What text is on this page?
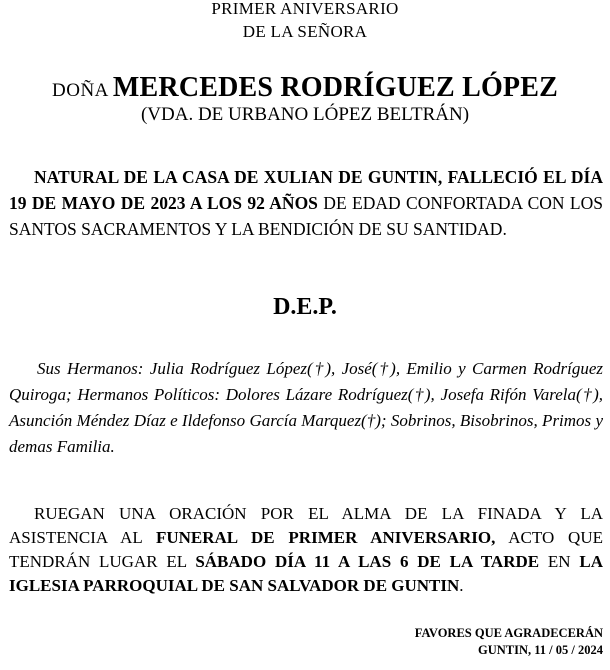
PRIMER ANIVERSARIO
DE LA SEÑORA
DOÑA MERCEDES RODRÍGUEZ LÓPEZ
(VDA. DE URBANO LÓPEZ BELTRÁN)
NATURAL DE LA CASA DE XULIAN DE GUNTIN, FALLECIÓ EL DÍA 19 DE MAYO DE 2023 A LOS 92 AÑOS DE EDAD CONFORTADA CON LOS SANTOS SACRAMENTOS Y LA BENDICIÓN DE SU SANTIDAD.
D.E.P.
Sus Hermanos: Julia Rodríguez López(†), José(†), Emilio y Carmen Rodríguez Quiroga; Hermanos Políticos: Dolores Lázare Rodríguez(†), Josefa Rifón Varela(†), Asunción Méndez Díaz e Ildefonso García Marquez(†); Sobrinos, Bisobrinos, Primos y demas Familia.
RUEGAN UNA ORACIÓN POR EL ALMA DE LA FINADA Y LA ASISTENCIA AL FUNERAL DE PRIMER ANIVERSARIO, ACTO QUE TENDRÁN LUGAR EL SÁBADO DÍA 11 A LAS 6 DE LA TARDE EN LA IGLESIA PARROQUIAL DE SAN SALVADOR DE GUNTIN.
FAVORES QUE AGRADECERÁN
GUNTIN, 11 / 05 / 2024
